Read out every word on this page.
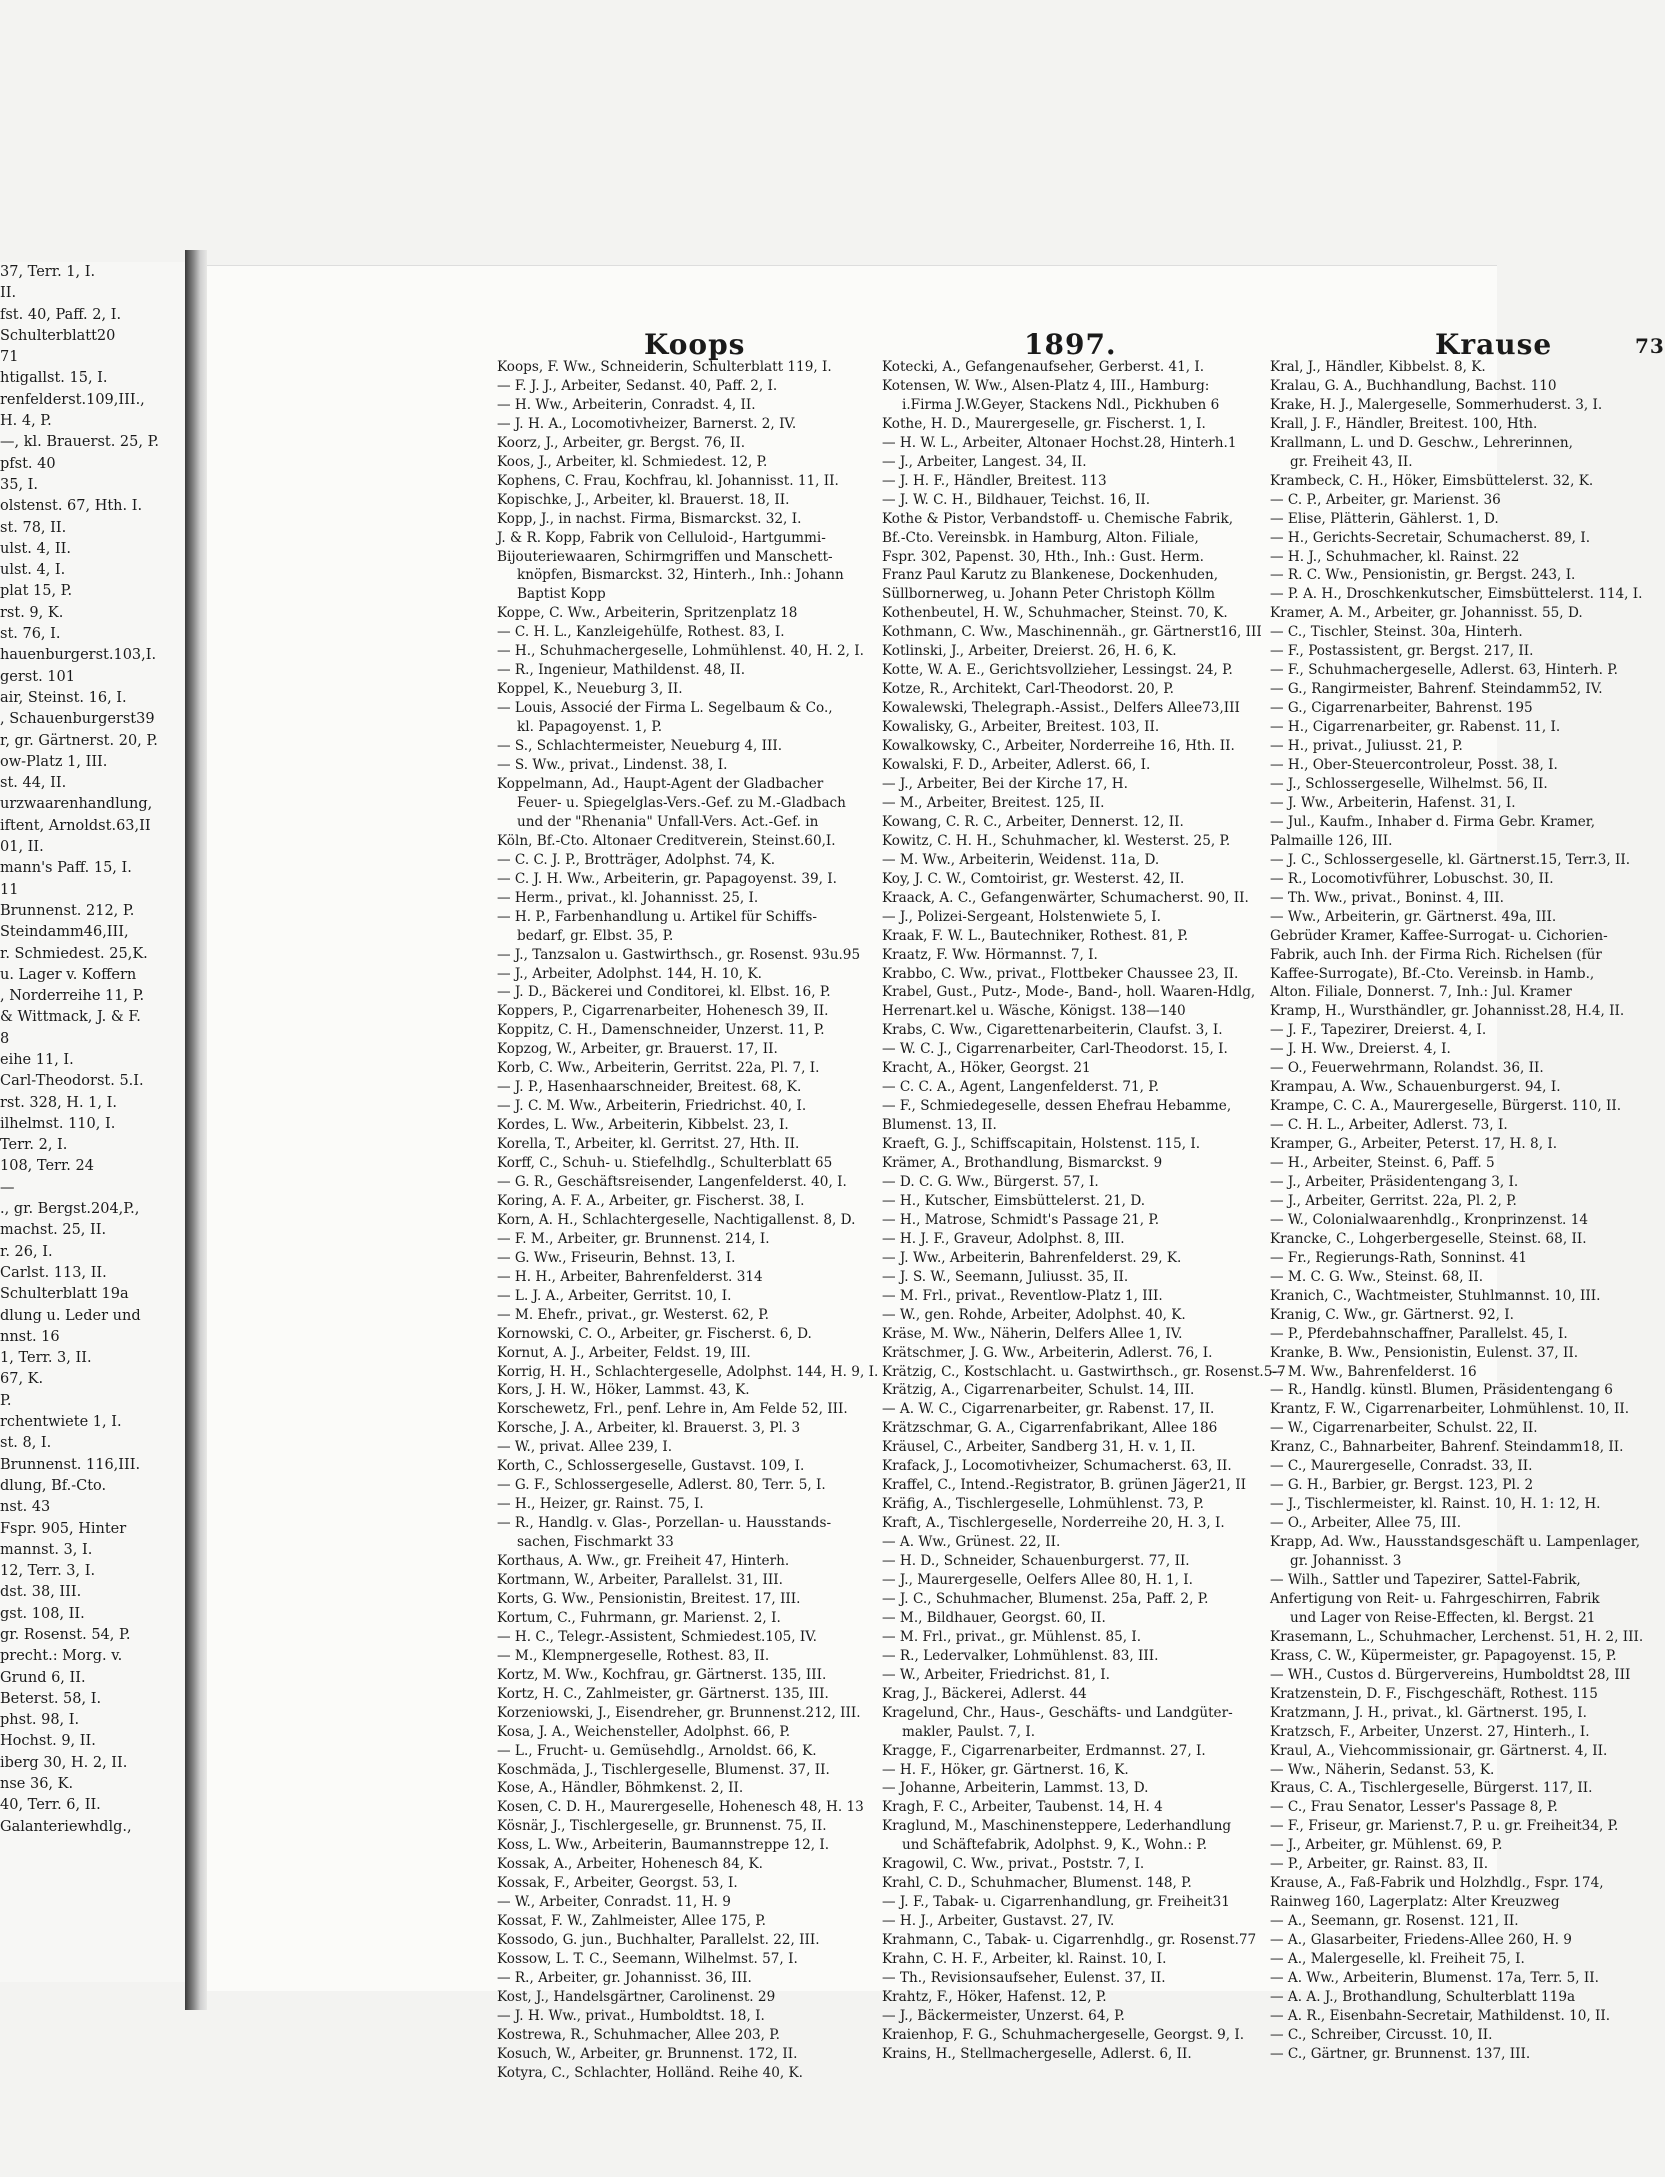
37, Terr. 1, I.
II.
fst. 40, Paff. 2, I.
Schulterblatt20
71
htigallst. 15, I.
renfelderst.109,III.,
H. 4, P.
—, kl. Brauerst. 25, P.
pfst. 40
35, I.
olstenst. 67, Hth. I.
st. 78, II.
ulst. 4, II.
ulst. 4, I.
plat 15, P.
rst. 9, K.
st. 76, I.
hauenburgerst.103,I.
gerst. 101
air, Steinst. 16, I.
, Schauenburgerst39
r, gr. Gärtnerst. 20, P.
ow-Platz 1, III.
st. 44, II.
urzwaarenhandlung,
iftent, Arnoldst.63,II
01, II.
mann's Paff. 15, I.
11
Brunnenst. 212, P.
Steindamm46,III,
r. Schmiedest. 25,K.
u. Lager v. Koffern
, Norderreihe 11, P.
& Wittmack, J. & F.
8
eihe 11, I.
Carl-Theodorst. 5.I.
rst. 328, H. 1, I.
ilhelmst. 110, I.
Terr. 2, I.
108, Terr. 24
—
., gr. Bergst.204,P.,
machst. 25, II.
r. 26, I.
Carlst. 113, II.
Schulterblatt 19a
dlung u. Leder und
nnst. 16
1, Terr. 3, II.
67, K.
P.
rchentwiete 1, I.
st. 8, I.
Brunnenst. 116,III.
dlung, Bf.-Cto.
nst. 43
Fspr. 905, Hinter
mannst. 3, I.
12, Terr. 3, I.
dst. 38, III.
gst. 108, II.
gr. Rosenst. 54, P.
precht.: Morg. v.
Grund 6, II.
Beterst. 58, I.
phst. 98, I.
Hochst. 9, II.
iberg 30, H. 2, II.
nse 36, K.
40, Terr. 6, II.
Galanteriewhdlg.,
Koops	1897.	Krause	73
Koops, F. Ww., Schneiderin, Schulterblatt 119, I.
— F. J. J., Arbeiter, Sedanst. 40, Paff. 2, I.
— H. Ww., Arbeiterin, Conradst. 4, II.
— J. H. A., Locomotivheizer, Barnerst. 2, IV.
Koorz, J., Arbeiter, gr. Bergst. 76, II.
Koos, J., Arbeiter, kl. Schmiedest. 12, P.
Kophens, C. Frau, Kochfrau, kl. Johannisst. 11, II.
Kopischke, J., Arbeiter, kl. Brauerst. 18, II.
Kopp, J., in nachst. Firma, Bismarckst. 32, I.
J. & R. Kopp, Fabrik von Celluloid-, Hartgummi-
Bijouteriewaaren, Schirmgriffen und Manschett-
knöpfen, Bismarckst. 32, Hinterh., Inh.: Johann
Baptist Kopp
Koppe, C. Ww., Arbeiterin, Spritzenplatz 18
— C. H. L., Kanzleigehülfe, Rothest. 83, I.
— H., Schuhmachergeselle, Lohmühlenst. 40, H. 2, I.
— R., Ingenieur, Mathildenst. 48, II.
Koppel, K., Neueburg 3, II.
— Louis, Associé der Firma L. Segelbaum & Co.,
kl. Papagoyenst. 1, P.
— S., Schlachtermeister, Neueburg 4, III.
— S. Ww., privat., Lindenst. 38, I.
Koppelmann, Ad., Haupt-Agent der Gladbacher
Feuer- u. Spiegelglas-Vers.-Gef. zu M.-Gladbach
und der "Rhenania" Unfall-Vers. Act.-Gef. in
Köln, Bf.-Cto. Altonaer Creditverein, Steinst.60,I.
— C. C. J. P., Brotträger, Adolphst. 74, K.
— C. J. H. Ww., Arbeiterin, gr. Papagoyenst. 39, I.
— Herm., privat., kl. Johannisst. 25, I.
— H. P., Farbenhandlung u. Artikel für Schiffs-
bedarf, gr. Elbst. 35, P.
— J., Tanzsalon u. Gastwirthsch., gr. Rosenst. 93u.95
— J., Arbeiter, Adolphst. 144, H. 10, K.
— J. D., Bäckerei und Conditorei, kl. Elbst. 16, P.
Koppers, P., Cigarrenarbeiter, Hohenesch 39, II.
Koppitz, C. H., Damenschneider, Unzerst. 11, P.
Kopzog, W., Arbeiter, gr. Brauerst. 17, II.
Korb, C. Ww., Arbeiterin, Gerritst. 22a, Pl. 7, I.
— J. P., Hasenhaarschneider, Breitest. 68, K.
— J. C. M. Ww., Arbeiterin, Friedrichst. 40, I.
Kordes, L. Ww., Arbeiterin, Kibbelst. 23, I.
Korella, T., Arbeiter, kl. Gerritst. 27, Hth. II.
Korff, C., Schuh- u. Stiefelhdlg., Schulterblatt 65
— G. R., Geschäftsreisender, Langenfelderst. 40, I.
Koring, A. F. A., Arbeiter, gr. Fischerst. 38, I.
Korn, A. H., Schlachtergeselle, Nachtigallenst. 8, D.
— F. M., Arbeiter, gr. Brunnenst. 214, I.
— G. Ww., Friseurin, Behnst. 13, I.
— H. H., Arbeiter, Bahrenfelderst. 314
— L. J. A., Arbeiter, Gerritst. 10, I.
— M. Ehefr., privat., gr. Westerst. 62, P.
Kornowski, C. O., Arbeiter, gr. Fischerst. 6, D.
Kornut, A. J., Arbeiter, Feldst. 19, III.
Korrig, H. H., Schlachtergeselle, Adolphst. 144, H. 9, I.
Kors, J. H. W., Höker, Lammst. 43, K.
Korschewetz, Frl., penf. Lehre in, Am Felde 52, III.
Korsche, J. A., Arbeiter, kl. Brauerst. 3, Pl. 3
— W., privat. Allee 239, I.
Korth, C., Schlossergeselle, Gustavst. 109, I.
— G. F., Schlossergeselle, Adlerst. 80, Terr. 5, I.
— H., Heizer, gr. Rainst. 75, I.
— R., Handlg. v. Glas-, Porzellan- u. Hausstands-
sachen, Fischmarkt 33
Korthaus, A. Ww., gr. Freiheit 47, Hinterh.
Kortmann, W., Arbeiter, Parallelst. 31, III.
Korts, G. Ww., Pensionistin, Breitest. 17, III.
Kortum, C., Fuhrmann, gr. Marienst. 2, I.
— H. C., Telegr.-Assistent, Schmiedest.105, IV.
— M., Klempnergeselle, Rothest. 83, II.
Kortz, M. Ww., Kochfrau, gr. Gärtnerst. 135, III.
Kortz, H. C., Zahlmeister, gr. Gärtnerst. 135, III.
Korzeniowski, J., Eisendreher, gr. Brunnenst.212, III.
Kosa, J. A., Weichensteller, Adolphst. 66, P.
— L., Frucht- u. Gemüsehdlg., Arnoldst. 66, K.
Koschmäda, J., Tischlergeselle, Blumenst. 37, II.
Kose, A., Händler, Böhmkenst. 2, II.
Kosen, C. D. H., Maurergeselle, Hohenesch 48, H. 13
Kösnär, J., Tischlergeselle, gr. Brunnenst. 75, II.
Koss, L. Ww., Arbeiterin, Baumannstreppe 12, I.
Kossak, A., Arbeiter, Hohenesch 84, K.
Kossak, F., Arbeiter, Georgst. 53, I.
— W., Arbeiter, Conradst. 11, H. 9
Kossat, F. W., Zahlmeister, Allee 175, P.
Kossodo, G. jun., Buchhalter, Parallelst. 22, III.
Kossow, L. T. C., Seemann, Wilhelmst. 57, I.
— R., Arbeiter, gr. Johannisst. 36, III.
Kost, J., Handelsgärtner, Carolinenst. 29
— J. H. Ww., privat., Humboldtst. 18, I.
Kostrewa, R., Schuhmacher, Allee 203, P.
Kosuch, W., Arbeiter, gr. Brunnenst. 172, II.
Kotyra, C., Schlachter, Holländ. Reihe 40, K.
Kotecki, A., Gefangenaufseher, Gerberst. 41, I.
Kotensen, W. Ww., Alsen-Platz 4, III., Hamburg:
i.Firma J.W.Geyer, Stackens Ndl., Pickhuben 6
Kothe, H. D., Maurergeselle, gr. Fischerst. 1, I.
— H. W. L., Arbeiter, Altonaer Hochst.28, Hinterh.1
— J., Arbeiter, Langest. 34, II.
— J. H. F., Händler, Breitest. 113
— J. W. C. H., Bildhauer, Teichst. 16, II.
Kothe & Pistor, Verbandstoff- u. Chemische Fabrik,
Bf.-Cto. Vereinsbk. in Hamburg, Alton. Filiale,
Fspr. 302, Papenst. 30, Hth., Inh.: Gust. Herm.
Franz Paul Karutz zu Blankenese, Dockenhuden,
Süllbornerweg, u. Johann Peter Christoph Köllm
Kothenbeutel, H. W., Schuhmacher, Steinst. 70, K.
Kothmann, C. Ww., Maschinennäh., gr. Gärtnerst16, III
Kotlinski, J., Arbeiter, Dreierst. 26, H. 6, K.
Kotte, W. A. E., Gerichtsvollzieher, Lessingst. 24, P.
Kotze, R., Architekt, Carl-Theodorst. 20, P.
Kowalewski, Thelegraph.-Assist., Delfers Allee73,III
Kowalisky, G., Arbeiter, Breitest. 103, II.
Kowalkowsky, C., Arbeiter, Norderreihe 16, Hth. II.
Kowalski, F. D., Arbeiter, Adlerst. 66, I.
— J., Arbeiter, Bei der Kirche 17, H.
— M., Arbeiter, Breitest. 125, II.
Kowang, C. R. C., Arbeiter, Dennerst. 12, II.
Kowitz, C. H. H., Schuhmacher, kl. Westerst. 25, P.
— M. Ww., Arbeiterin, Weidenst. 11a, D.
Koy, J. C. W., Comtoirist, gr. Westerst. 42, II.
Kraack, A. C., Gefangenwärter, Schumacherst. 90, II.
— J., Polizei-Sergeant, Holstenwiete 5, I.
Kraak, F. W. L., Bautechniker, Rothest. 81, P.
Kraatz, F. Ww. Hörmannst. 7, I.
Krabbo, C. Ww., privat., Flottbeker Chaussee 23, II.
Krabel, Gust., Putz-, Mode-, Band-, holl. Waaren-Hdlg,
Herrenart.kel u. Wäsche, Königst. 138—140
Krabs, C. Ww., Cigarettenarbeiterin, Claufst. 3, I.
— W. C. J., Cigarrenarbeiter, Carl-Theodorst. 15, I.
Kracht, A., Höker, Georgst. 21
— C. C. A., Agent, Langenfelderst. 71, P.
— F., Schmiedegeselle, dessen Ehefrau Hebamme,
Blumenst. 13, II.
Kraeft, G. J., Schiffscapitain, Holstenst. 115, I.
Krämer, A., Brothandlung, Bismarckst. 9
— D. C. G. Ww., Bürgerst. 57, I.
— H., Kutscher, Eimsbüttelerst. 21, D.
— H., Matrose, Schmidt's Passage 21, P.
— H. J. F., Graveur, Adolphst. 8, III.
— J. Ww., Arbeiterin, Bahrenfelderst. 29, K.
— J. S. W., Seemann, Juliusst. 35, II.
— M. Frl., privat., Reventlow-Platz 1, III.
— W., gen. Rohde, Arbeiter, Adolphst. 40, K.
Kräse, M. Ww., Näherin, Delfers Allee 1, IV.
Krätschmer, J. G. Ww., Arbeiterin, Adlerst. 76, I.
Krätzig, C., Kostschlacht. u. Gastwirthsch., gr. Rosenst.5-7
Krätzig, A., Cigarrenarbeiter, Schulst. 14, III.
— A. W. C., Cigarrenarbeiter, gr. Rabenst. 17, II.
Krätzschmar, G. A., Cigarrenfabrikant, Allee 186
Kräusel, C., Arbeiter, Sandberg 31, H. v. 1, II.
Krafack, J., Locomotivheizer, Schumacherst. 63, II.
Kraffel, C., Intend.-Registrator, B. grünen Jäger21, II
Kräfig, A., Tischlergeselle, Lohmühlenst. 73, P.
Kraft, A., Tischlergeselle, Norderreihe 20, H. 3, I.
— A. Ww., Grünest. 22, II.
— H. D., Schneider, Schauenburgerst. 77, II.
— J., Maurergeselle, Oelfers Allee 80, H. 1, I.
— J. C., Schuhmacher, Blumenst. 25a, Paff. 2, P.
— M., Bildhauer, Georgst. 60, II.
— M. Frl., privat., gr. Mühlenst. 85, I.
— R., Ledervalker, Lohmühlenst. 83, III.
— W., Arbeiter, Friedrichst. 81, I.
Krag, J., Bäckerei, Adlerst. 44
Kragelund, Chr., Haus-, Geschäfts- und Landgüter-
makler, Paulst. 7, I.
Kragge, F., Cigarrenarbeiter, Erdmannst. 27, I.
— H. F., Höker, gr. Gärtnerst. 16, K.
— Johanne, Arbeiterin, Lammst. 13, D.
Kragh, F. C., Arbeiter, Taubenst. 14, H. 4
Kraglund, M., Maschinensteppere, Lederhandlung
und Schäftefabrik, Adolphst. 9, K., Wohn.: P.
Kragowil, C. Ww., privat., Poststr. 7, I.
Krahl, C. D., Schuhmacher, Blumenst. 148, P.
— J. F., Tabak- u. Cigarrenhandlung, gr. Freiheit31
— H. J., Arbeiter, Gustavst. 27, IV.
Krahmann, C., Tabak- u. Cigarrenhdlg., gr. Rosenst.77
Krahn, C. H. F., Arbeiter, kl. Rainst. 10, I.
— Th., Revisionsaufseher, Eulenst. 37, II.
Krahtz, F., Höker, Hafenst. 12, P.
— J., Bäckermeister, Unzerst. 64, P.
Kraienhop, F. G., Schuhmachergeselle, Georgst. 9, I.
Krains, H., Stellmachergeselle, Adlerst. 6, II.
Kral, J., Händler, Kibbelst. 8, K.
Kralau, G. A., Buchhandlung, Bachst. 110
Krake, H. J., Malergeselle, Sommerhuderst. 3, I.
Krall, J. F., Händler, Breitest. 100, Hth.
Krallmann, L. und D. Geschw., Lehrerinnen,
gr. Freiheit 43, II.
Krambeck, C. H., Höker, Eimsbüttelerst. 32, K.
— C. P., Arbeiter, gr. Marienst. 36
— Elise, Plätterin, Gählerst. 1, D.
— H., Gerichts-Secretair, Schumacherst. 89, I.
— H. J., Schuhmacher, kl. Rainst. 22
— R. C. Ww., Pensionistin, gr. Bergst. 243, I.
— P. A. H., Droschkenkutscher, Eimsbüttelerst. 114, I.
Kramer, A. M., Arbeiter, gr. Johannisst. 55, D.
— C., Tischler, Steinst. 30a, Hinterh.
— F., Postassistent, gr. Bergst. 217, II.
— F., Schuhmachergeselle, Adlerst. 63, Hinterh. P.
— G., Rangirmeister, Bahrenf. Steindamm52, IV.
— G., Cigarrenarbeiter, Bahrenst. 195
— H., Cigarrenarbeiter, gr. Rabenst. 11, I.
— H., privat., Juliusst. 21, P.
— H., Ober-Steuercontroleur, Posst. 38, I.
— J., Schlossergeselle, Wilhelmst. 56, II.
— J. Ww., Arbeiterin, Hafenst. 31, I.
— Jul., Kaufm., Inhaber d. Firma Gebr. Kramer,
Palmaille 126, III.
— J. C., Schlossergeselle, kl. Gärtnerst.15, Terr.3, II.
— R., Locomotivführer, Lobuschst. 30, II.
— Th. Ww., privat., Boninst. 4, III.
— Ww., Arbeiterin, gr. Gärtnerst. 49a, III.
Gebrüder Kramer, Kaffee-Surrogat- u. Cichorien-
Fabrik, auch Inh. der Firma Rich. Richelsen (für
Kaffee-Surrogate), Bf.-Cto. Vereinsb. in Hamb.,
Alton. Filiale, Donnerst. 7, Inh.: Jul. Kramer
Kramp, H., Wursthändler, gr. Johannisst.28, H.4, II.
— J. F., Tapezirer, Dreierst. 4, I.
— J. H. Ww., Dreierst. 4, I.
— O., Feuerwehrmann, Rolandst. 36, II.
Krampau, A. Ww., Schauenburgerst. 94, I.
Krampe, C. C. A., Maurergeselle, Bürgerst. 110, II.
— C. H. L., Arbeiter, Adlerst. 73, I.
Kramper, G., Arbeiter, Peterst. 17, H. 8, I.
— H., Arbeiter, Steinst. 6, Paff. 5
— J., Arbeiter, Präsidentengang 3, I.
— J., Arbeiter, Gerritst. 22a, Pl. 2, P.
— W., Colonialwaarenhdlg., Kronprinzenst. 14
Krancke, C., Lohgerbergeselle, Steinst. 68, II.
— Fr., Regierungs-Rath, Sonninst. 41
— M. C. G. Ww., Steinst. 68, II.
Kranich, C., Wachtmeister, Stuhlmannst. 10, III.
Kranig, C. Ww., gr. Gärtnerst. 92, I.
— P., Pferdebahnschaffner, Parallelst. 45, I.
Kranke, B. Ww., Pensionistin, Eulenst. 37, II.
— M. Ww., Bahrenfelderst. 16
— R., Handlg. künstl. Blumen, Präsidentengang 6
Krantz, F. W., Cigarrenarbeiter, Lohmühlenst. 10, II.
— W., Cigarrenarbeiter, Schulst. 22, II.
Kranz, C., Bahnarbeiter, Bahrenf. Steindamm18, II.
— C., Maurergeselle, Conradst. 33, II.
— G. H., Barbier, gr. Bergst. 123, Pl. 2
— J., Tischlermeister, kl. Rainst. 10, H. 1: 12, H.
— O., Arbeiter, Allee 75, III.
Krapp, Ad. Ww., Hausstandsgeschäft u. Lampenlager,
gr. Johannisst. 3
— Wilh., Sattler und Tapezirer, Sattel-Fabrik,
Anfertigung von Reit- u. Fahrgeschirren, Fabrik
und Lager von Reise-Effecten, kl. Bergst. 21
Krasemann, L., Schuhmacher, Lerchenst. 51, H. 2, III.
Krass, C. W., Küpermeister, gr. Papagoyenst. 15, P.
— WH., Custos d. Bürgervereins, Humboldtst 28, III
Kratzenstein, D. F., Fischgeschäft, Rothest. 115
Kratzmann, J. H., privat., kl. Gärtnerst. 195, I.
Kratzsch, F., Arbeiter, Unzerst. 27, Hinterh., I.
Kraul, A., Viehcommissionair, gr. Gärtnerst. 4, II.
— Ww., Näherin, Sedanst. 53, K.
Kraus, C. A., Tischlergeselle, Bürgerst. 117, II.
— C., Frau Senator, Lesser's Passage 8, P.
— F., Friseur, gr. Marienst.7, P. u. gr. Freiheit34, P.
— J., Arbeiter, gr. Mühlenst. 69, P.
— P., Arbeiter, gr. Rainst. 83, II.
Krause, A., Faß-Fabrik und Holzhdlg., Fspr. 174,
Rainweg 160, Lagerplatz: Alter Kreuzweg
— A., Seemann, gr. Rosenst. 121, II.
— A., Glasarbeiter, Friedens-Allee 260, H. 9
— A., Malergeselle, kl. Freiheit 75, I.
— A. Ww., Arbeiterin, Blumenst. 17a, Terr. 5, II.
— A. A. J., Brothandlung, Schulterblatt 119a
— A. R., Eisenbahn-Secretair, Mathildenst. 10, II.
— C., Schreiber, Circusst. 10, II.
— C., Gärtner, gr. Brunnenst. 137, III.
